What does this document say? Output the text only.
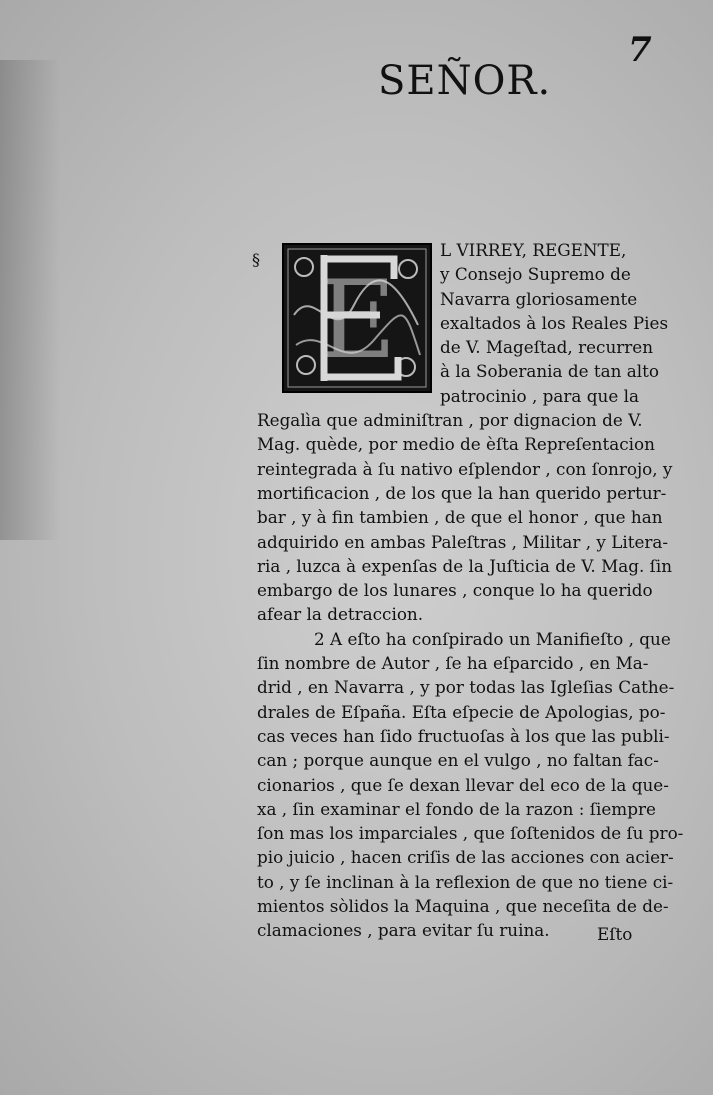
7
SEÑOR.
§ E
L VIRREY, REGENTE,
y Consejo Supremo de
Navarra gloriosamente
exaltados à los Reales Pies
de V. Mageſtad, recurren
à la Soberania de tan alto
patrocinio , para que la
Regalìa que adminiſtran , por dignacion de V.
Mag. quède, por medio de èſta Repreſentacion
reintegrada à ſu nativo eſplendor , con ſonrojo, y
mortificacion , de los que la han querido pertur-
bar , y à fin tambien , de que el honor , que han
adquirido en ambas Paleſtras , Militar , y Litera-
ria , luzca à expenſas de la Juſticia de V. Mag. ſin
embargo de los lunares , conque lo ha querido
afear la detraccion.
2 A eſto ha conſpirado un Manifieſto , que
ſin nombre de Autor , ſe ha eſparcido , en Ma-
drid , en Navarra , y por todas las Igleſias Cathe-
drales de Eſpaña. Eſta eſpecie de Apologias, po-
cas veces han ſido fructuoſas à los que las publi-
can ; porque aunque en el vulgo , no faltan fac-
cionarios , que ſe dexan llevar del eco de la que-
xa , ſin examinar el fondo de la razon : ſiempre
ſon mas los imparciales , que ſoſtenidos de ſu pro-
pio juicio , hacen criſis de las acciones con acier-
to , y ſe inclinan à la reflexion de que no tiene ci-
mientos sòlidos la Maquina , que neceſita de de-
clamaciones , para evitar ſu ruina.	Eſto
